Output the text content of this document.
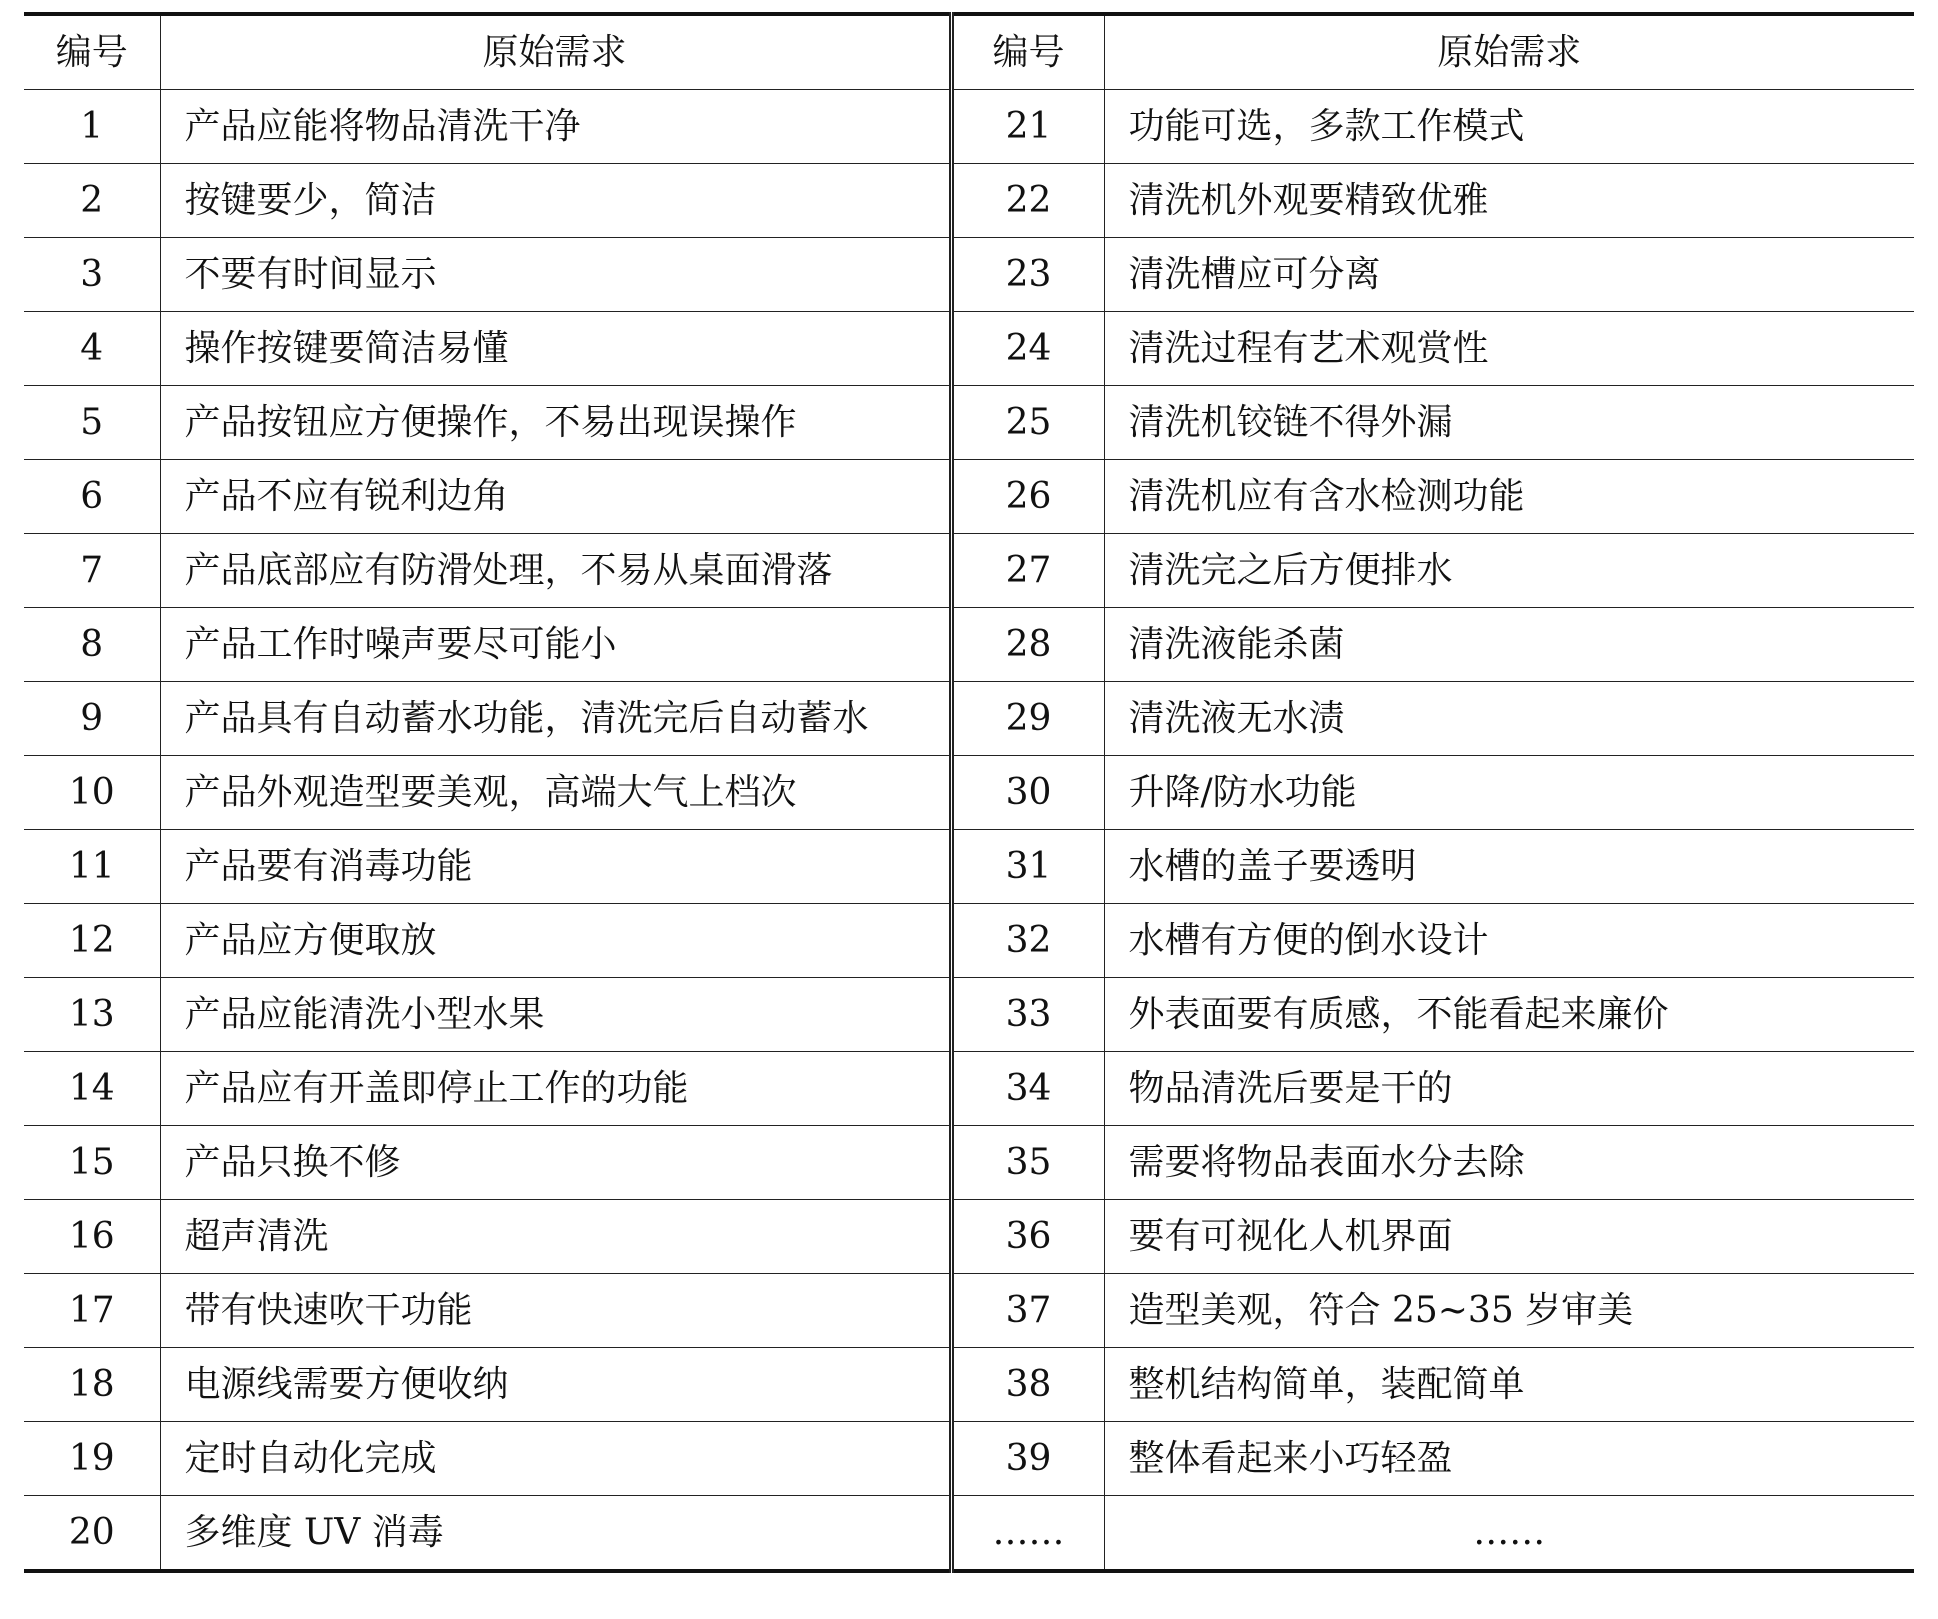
编号	原始需求	编号	原始需求
1	产品应能将物品清洗干净	21	功能可选，多款工作模式
2	按键要少，简洁	22	清洗机外观要精致优雅
3	不要有时间显示	23	清洗槽应可分离
4	操作按键要简洁易懂	24	清洗过程有艺术观赏性
5	产品按钮应方便操作，不易出现误操作	25	清洗机铰链不得外漏
6	产品不应有锐利边角	26	清洗机应有含水检测功能
7	产品底部应有防滑处理，不易从桌面滑落	27	清洗完之后方便排水
8	产品工作时噪声要尽可能小	28	清洗液能杀菌
9	产品具有自动蓄水功能，清洗完后自动蓄水	29	清洗液无水渍
10	产品外观造型要美观，高端大气上档次	30	升降/防水功能
11	产品要有消毒功能	31	水槽的盖子要透明
12	产品应方便取放	32	水槽有方便的倒水设计
13	产品应能清洗小型水果	33	外表面要有质感，不能看起来廉价
14	产品应有开盖即停止工作的功能	34	物品清洗后要是干的
15	产品只换不修	35	需要将物品表面水分去除
16	超声清洗	36	要有可视化人机界面
17	带有快速吹干功能	37	造型美观，符合 25~35 岁审美
18	电源线需要方便收纳	38	整机结构简单，装配简单
19	定时自动化完成	39	整体看起来小巧轻盈
20	多维度 UV 消毒	……	……
